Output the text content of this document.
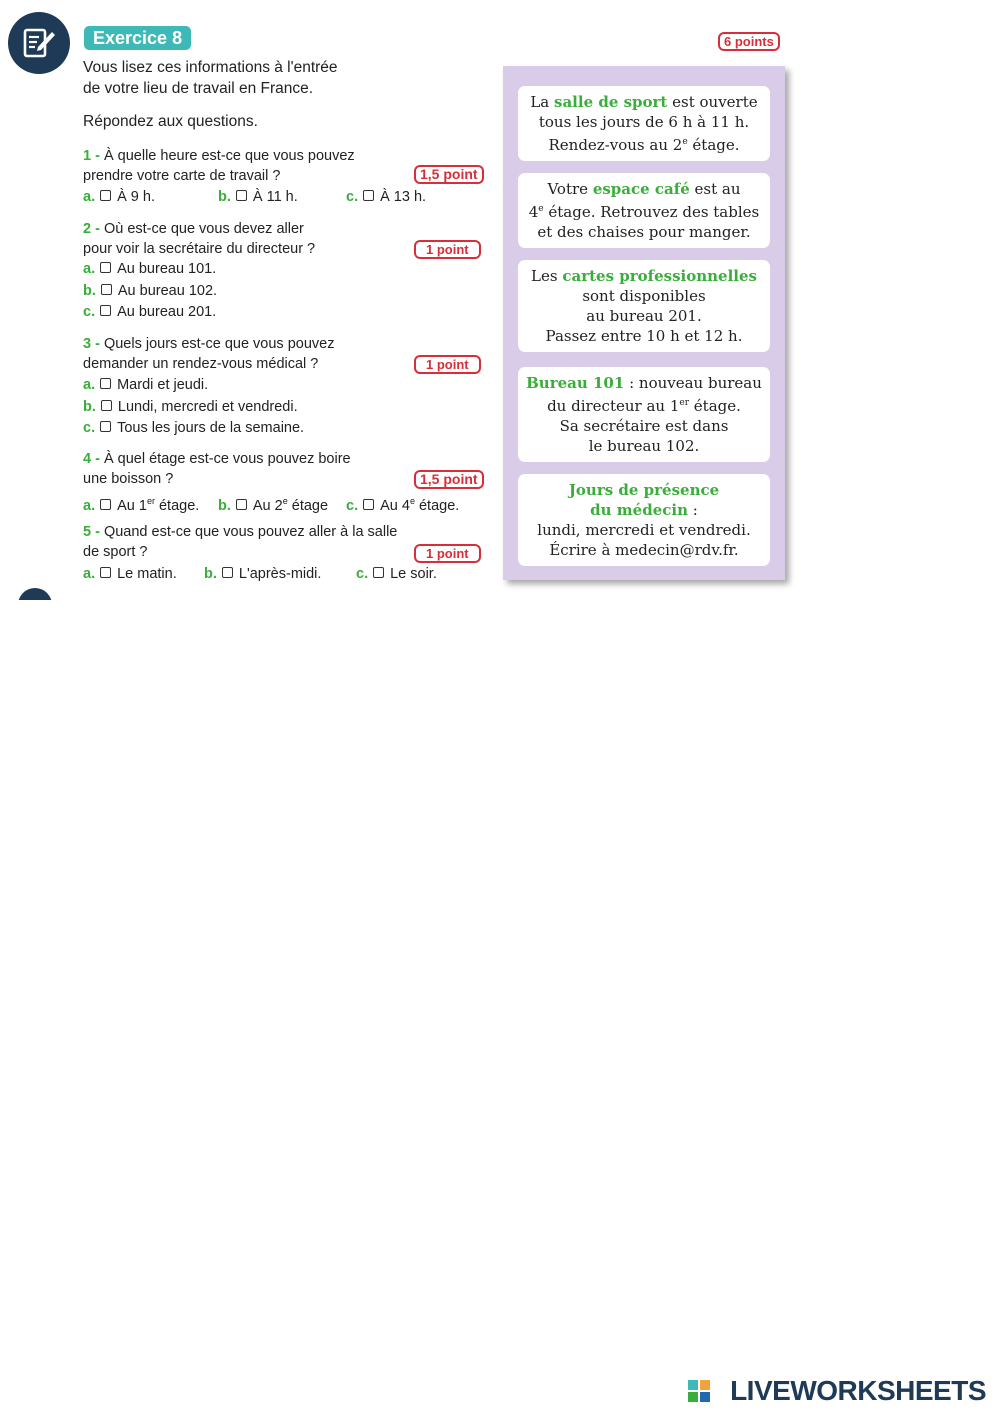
Exercice 8	6 points
Vous lisez ces informations à l'entrée
de votre lieu de travail en France.
Répondez aux questions.
1 - À quelle heure est-ce que vous pouvez
prendre votre carte de travail ?	1,5 point
a. À 9 h.	b. À 11 h.	c. À 13 h.
2 - Où est-ce que vous devez aller
pour voir la secrétaire du directeur ?	1 point
a. Au bureau 101.
b. Au bureau 102.
c. Au bureau 201.
3 - Quels jours est-ce que vous pouvez
demander un rendez-vous médical ?	1 point
a. Mardi et jeudi.
b. Lundi, mercredi et vendredi.
c. Tous les jours de la semaine.
4 - À quel étage est-ce vous pouvez boire
une boisson ?	1,5 point
a. Au 1er étage. b. Au 2e étage c. Au 4e étage.
5 - Quand est-ce que vous pouvez aller à la salle
de sport ?	1 point
a. Le matin. b. L'après-midi. c. Le soir.
La salle de sport est ouverte
tous les jours de 6 h à 11 h.
Rendez-vous au 2e étage.
Votre espace café est au
4e étage. Retrouvez des tables
et des chaises pour manger.
Les cartes professionnelles
sont disponibles
au bureau 201.
Passez entre 10 h et 12 h.
Bureau 101 : nouveau bureau
du directeur au 1er étage.
Sa secrétaire est dans
le bureau 102.
Jours de présence
du médecin :
lundi, mercredi et vendredi.
Écrire à medecin@rdv.fr.
LIVEWORKSHEETS
